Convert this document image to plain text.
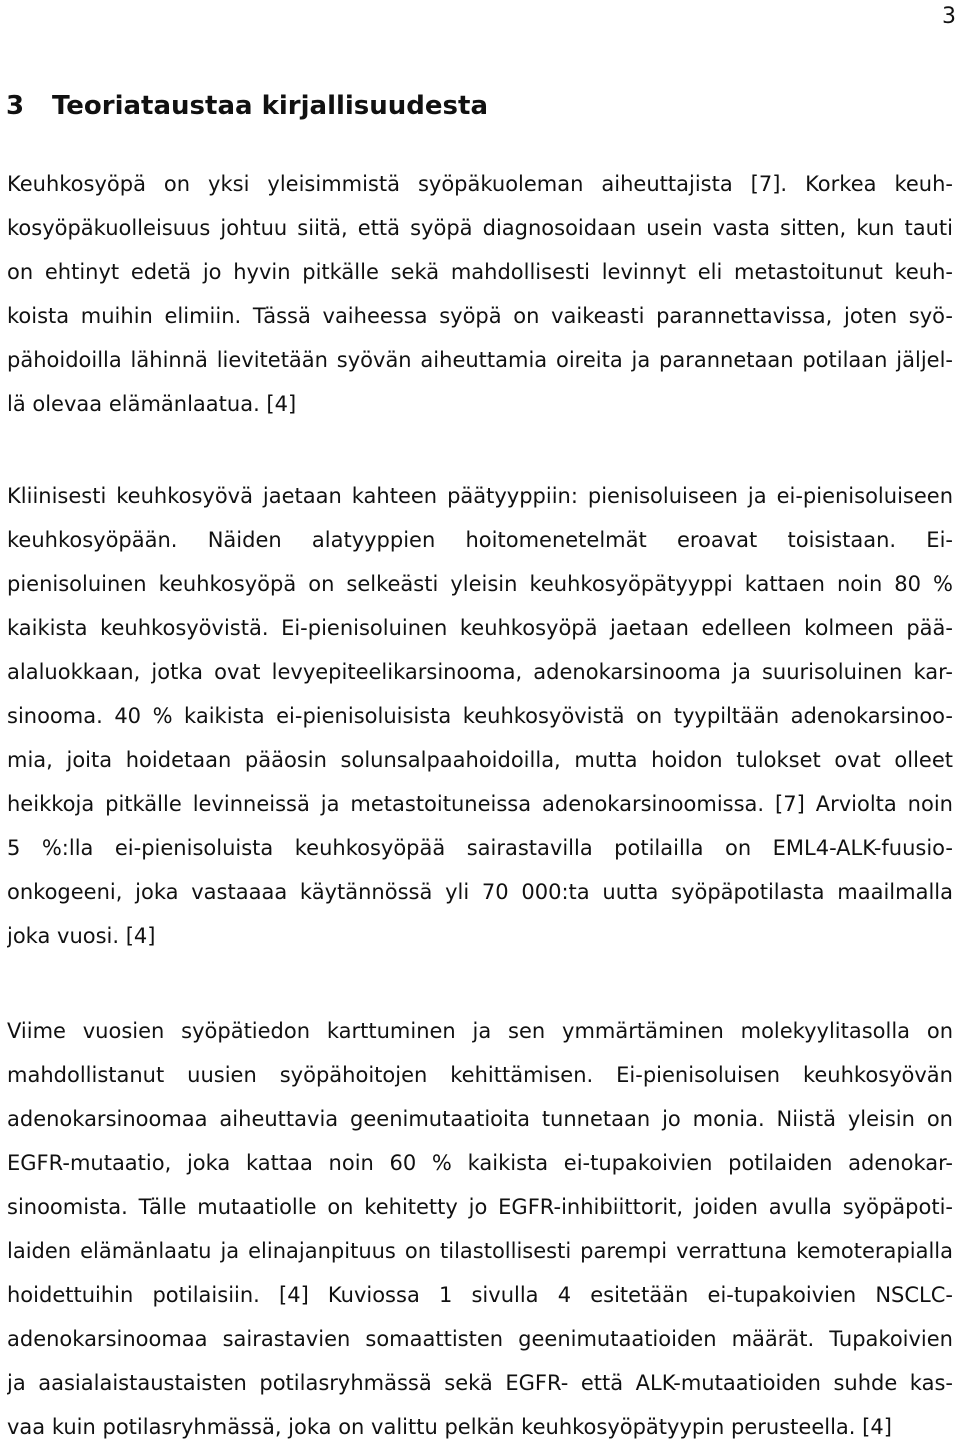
3
3 Teoriataustaa kirjallisuudesta
Keuhkosyöpä on yksi yleisimmistä syöpäkuoleman aiheuttajista [7]. Korkea keuh-
kosyöpäkuolleisuus johtuu siitä, että syöpä diagnosoidaan usein vasta sitten, kun tauti
on ehtinyt edetä jo hyvin pitkälle sekä mahdollisesti levinnyt eli metastoitunut keuh-
koista muihin elimiin. Tässä vaiheessa syöpä on vaikeasti parannettavissa, joten syö-
pähoidoilla lähinnä lievitetään syövän aiheuttamia oireita ja parannetaan potilaan jäljel-
lä olevaa elämänlaatua. [4]
Kliinisesti keuhkosyövä jaetaan kahteen päätyyppiin: pienisoluiseen ja ei-pienisoluiseen
keuhkosyöpään. Näiden alatyyppien hoitomenetelmät eroavat toisistaan. Ei-
pienisoluinen keuhkosyöpä on selkeästi yleisin keuhkosyöpätyyppi kattaen noin 80 %
kaikista keuhkosyövistä. Ei-pienisoluinen keuhkosyöpä jaetaan edelleen kolmeen pää-
alaluokkaan, jotka ovat levyepiteelikarsinooma, adenokarsinooma ja suurisoluinen kar-
sinooma. 40 % kaikista ei-pienisoluisista keuhkosyövistä on tyypiltään adenokarsinoo-
mia, joita hoidetaan pääosin solunsalpaahoidoilla, mutta hoidon tulokset ovat olleet
heikkoja pitkälle levinneissä ja metastoituneissa adenokarsinoomissa. [7] Arviolta noin
5 %:lla ei-pienisoluista keuhkosyöpää sairastavilla potilailla on EML4-ALK-fuusio-
onkogeeni, joka vastaaaa käytännössä yli 70 000:ta uutta syöpäpotilasta maailmalla
joka vuosi. [4]
Viime vuosien syöpätiedon karttuminen ja sen ymmärtäminen molekyylitasolla on
mahdollistanut uusien syöpähoitojen kehittämisen. Ei-pienisoluisen keuhkosyövän
adenokarsinoomaa aiheuttavia geenimutaatioita tunnetaan jo monia. Niistä yleisin on
EGFR-mutaatio, joka kattaa noin 60 % kaikista ei-tupakoivien potilaiden adenokar-
sinoomista. Tälle mutaatiolle on kehitetty jo EGFR-inhibiittorit, joiden avulla syöpäpoti-
laiden elämänlaatu ja elinajanpituus on tilastollisesti parempi verrattuna kemoterapialla
hoidettuihin potilaisiin. [4] Kuviossa 1 sivulla 4 esitetään ei-tupakoivien NSCLC-
adenokarsinoomaa sairastavien somaattisten geenimutaatioiden määrät. Tupakoivien
ja aasialaistaustaisten potilasryhmässä sekä EGFR- että ALK-mutaatioiden suhde kas-
vaa kuin potilasryhmässä, joka on valittu pelkän keuhkosyöpätyypin perusteella. [4]
